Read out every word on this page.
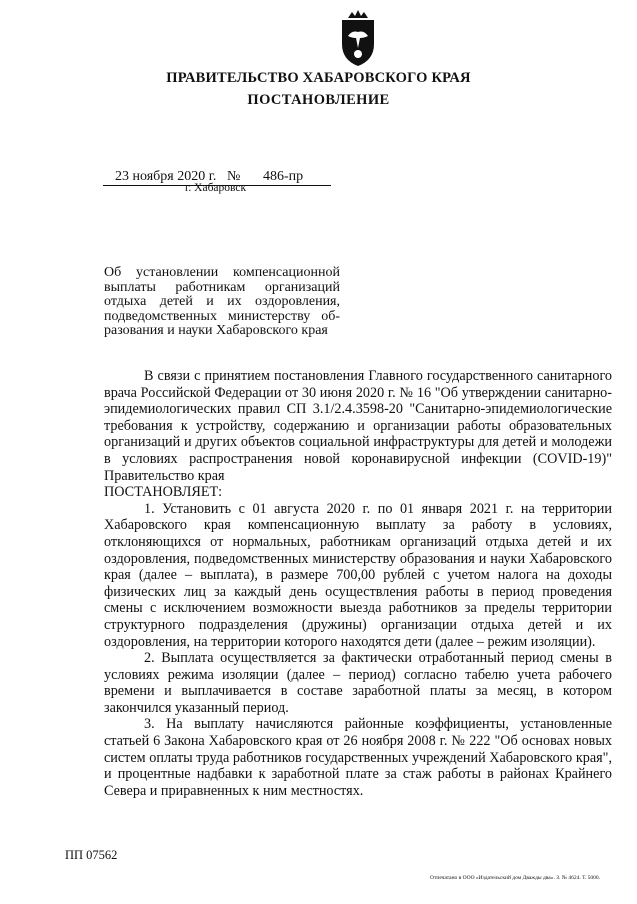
ПРАВИТЕЛЬСТВО ХАБАРОВСКОГО КРАЯ
ПОСТАНОВЛЕНИЕ
23 ноября 2020 г. № 486-пр
г. Хабаровск
Об установлении компенсационной
выплаты работникам организаций
отдыха детей и их оздоровления,
подведомственных министерству об-
разования и науки Хабаровского края

В связи с принятием постановления Главного государственного санитарного врача Российской Федерации от 30 июня 2020 г. № 16 "Об утверждении санитарно-эпидемиологических правил СП 3.1/2.4.3598-20 "Санитарно-эпидемиологические требования к устройству, содержанию и организации работы образовательных организаций и других объектов социальной инфраструктуры для детей и молодежи в условиях распространения новой коронавирусной инфекции (COVID-19)" Правительство края

ПОСТАНОВЛЯЕТ:

1. Установить с 01 августа 2020 г. по 01 января 2021 г. на территории Хабаровского края компенсационную выплату за работу в условиях, отклоняющихся от нормальных, работникам организаций отдыха детей и их оздоровления, подведомственных министерству образования и науки Хабаровского края (далее – выплата), в размере 700,00 рублей с учетом налога на доходы физических лиц за каждый день осуществления работы в период проведения смены с исключением возможности выезда работников за пределы территории структурного подразделения (дружины) организации отдыха детей и их оздоровления, на территории которого находятся дети (далее – режим изоляции).

2. Выплата осуществляется за фактически отработанный период смены в условиях режима изоляции (далее – период) согласно табелю учета рабочего времени и выплачивается в составе заработной платы за месяц, в котором закончился указанный период.

3. На выплату начисляются районные коэффициенты, установленные статьей 6 Закона Хабаровского края от 26 ноября 2008 г. № 222 "Об основах новых систем оплаты труда работников государственных учреждений Хабаровского края", и процентные надбавки к заработной плате за стаж работы в районах Крайнего Севера и приравненных к ним местностях.

ПП 07562
Отпечатано в ООО «Издательский дом Дважды два». З. № 4624. Т. 5000.
